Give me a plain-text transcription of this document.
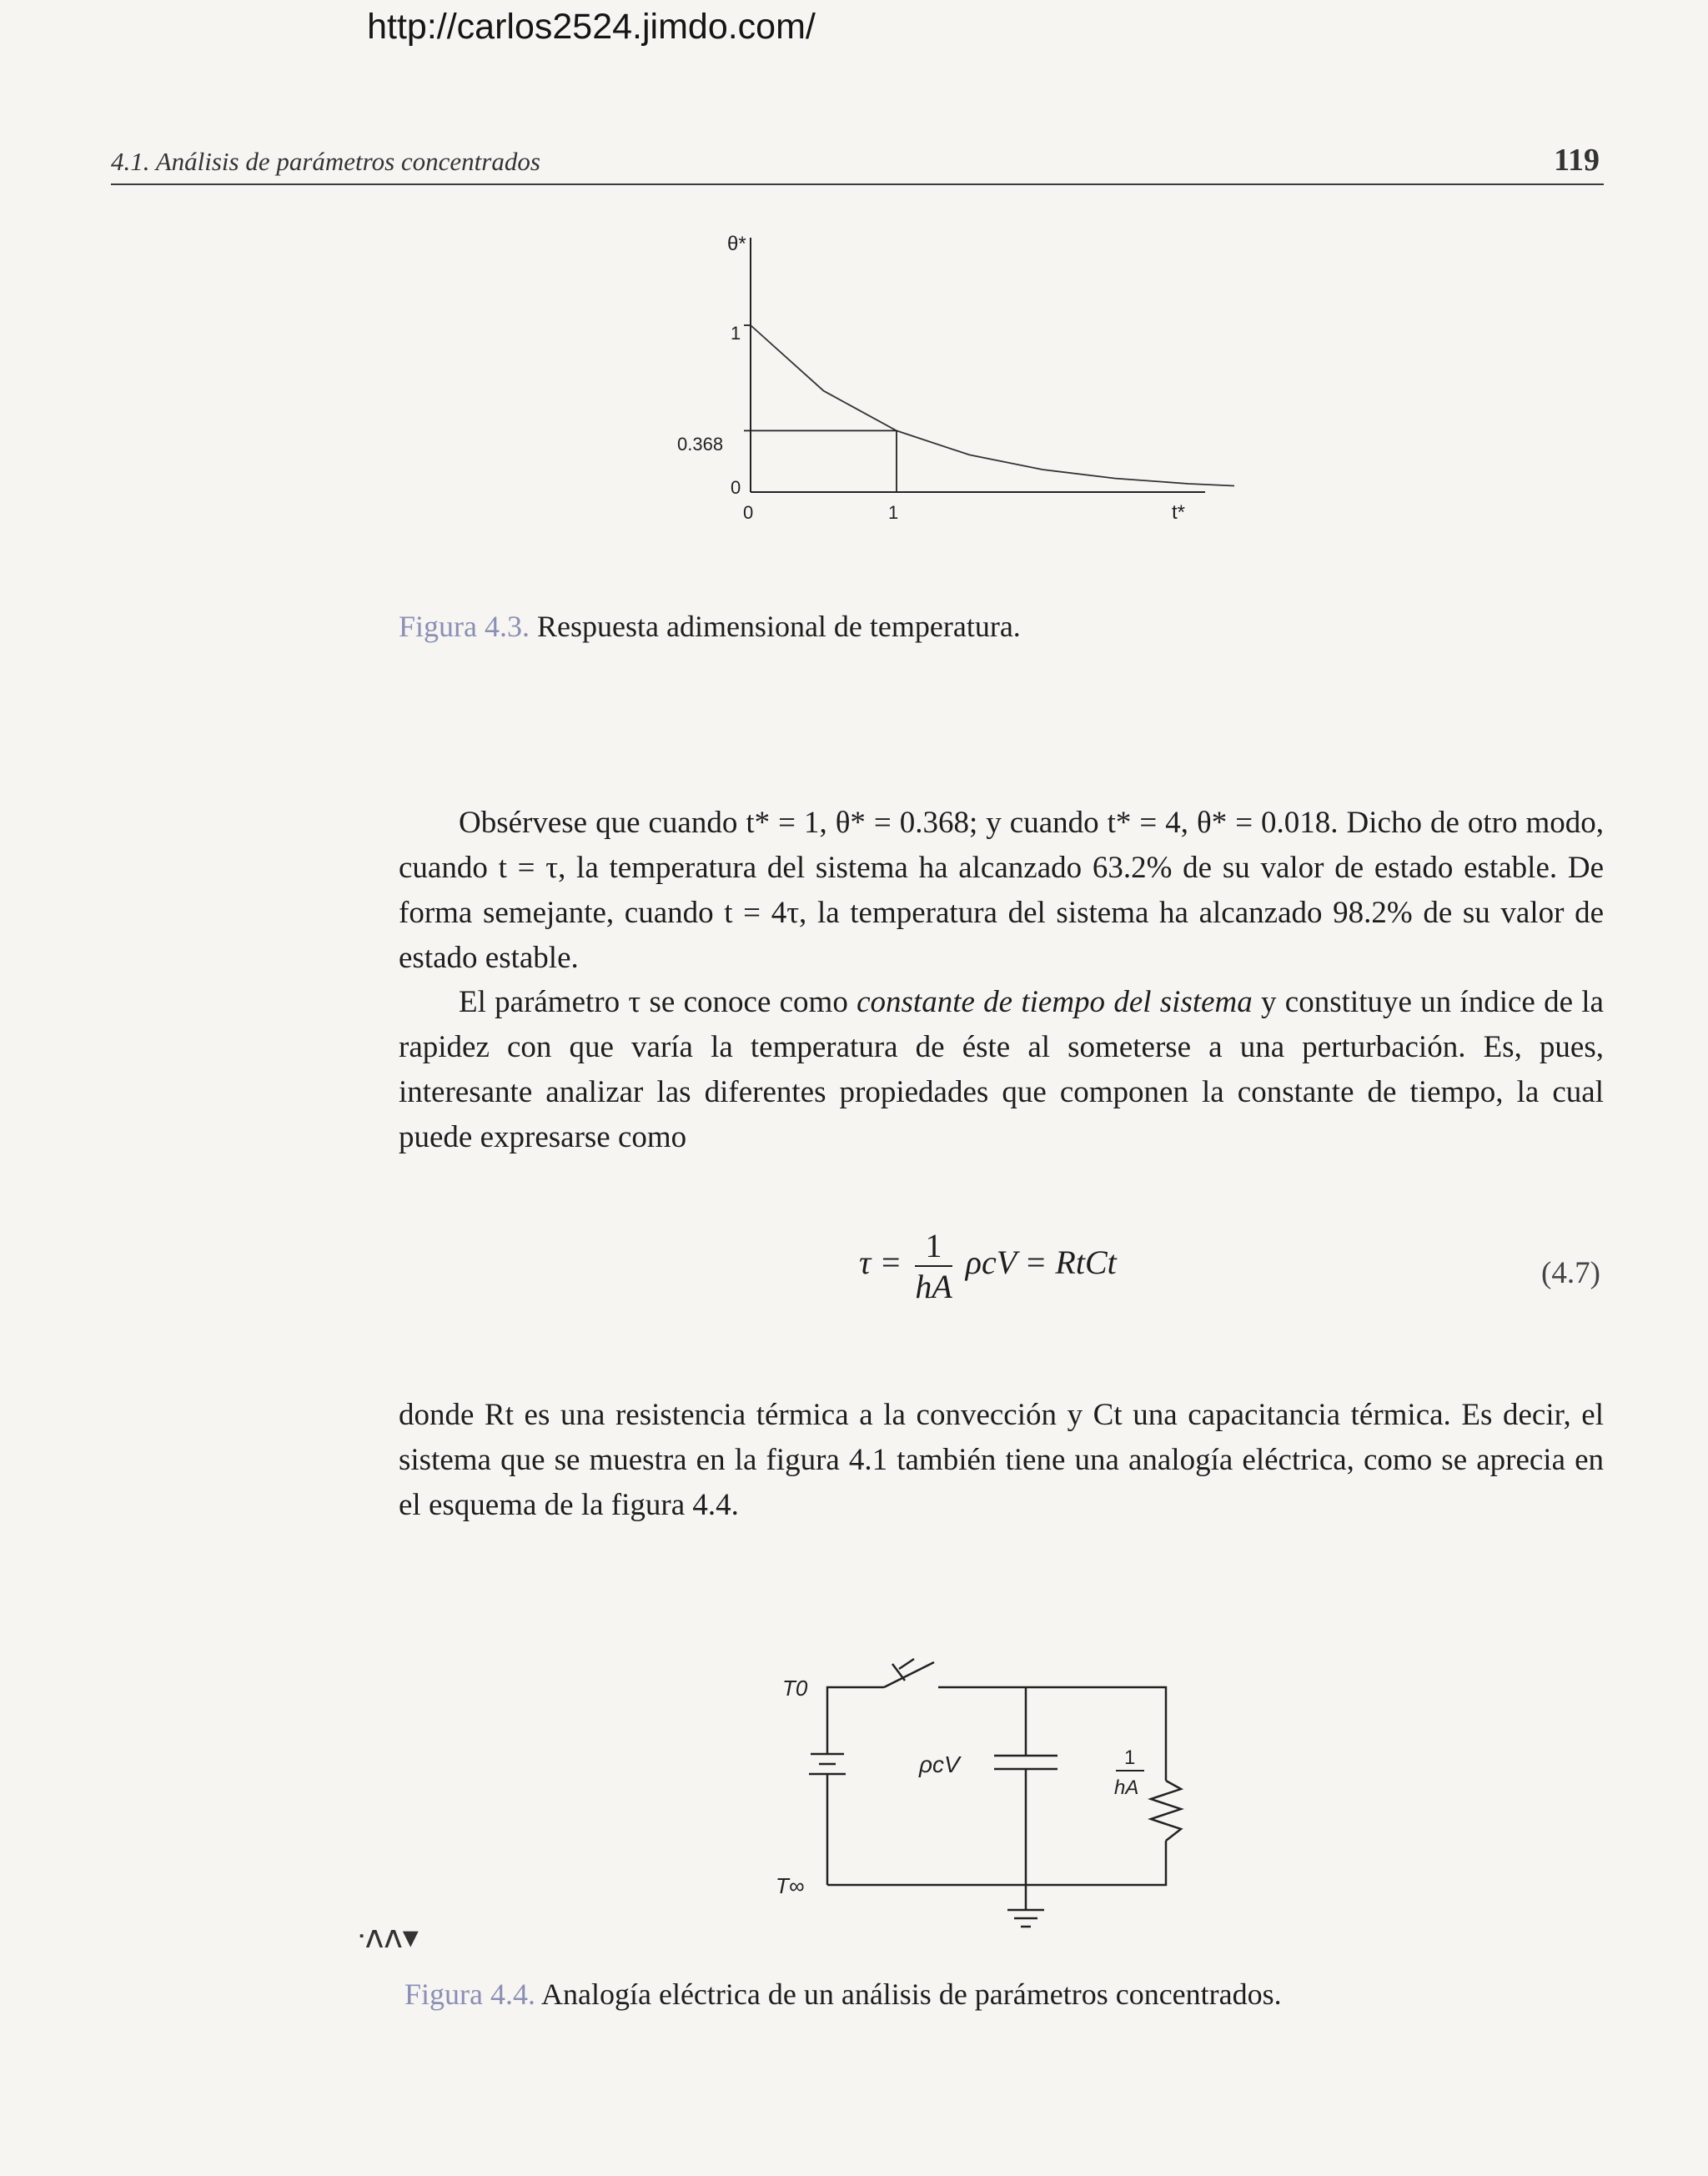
http://carlos2524.jimdo.com/
4.1. Análisis de parámetros concentrados	119
θ*
t*
1
0.368
0
0	1
Figura 4.3. Respuesta adimensional de temperatura.

Obsérvese que cuando t* = 1, θ* = 0.368; y cuando t* = 4, θ* = 0.018. Dicho de otro modo, cuando t = τ, la temperatura del sistema ha alcanzado 63.2% de su valor de estado estable. De forma semejante, cuando t = 4τ, la temperatura del sistema ha alcanzado 98.2% de su valor de estado estable.

El parámetro τ se conoce como constante de tiempo del sistema y constituye un índice de la rapidez con que varía la temperatura de éste al someterse a una perturbación. Es, pues, interesante analizar las diferentes propiedades que componen la constante de tiempo, la cual puede expresarse como

$\tau = \frac{1}{hA}$ ρcV = RtCt	(4.7)

donde Rt es una resistencia térmica a la convección y Ct una capacitancia térmica. Es decir, el sistema que se muestra en la figura 4.1 también tiene una analogía eléctrica, como se aprecia en el esquema de la figura 4.4.

T0
T∞
ρcV	1
hA
ᐧʌʌ▾
Figura 4.4. Analogía eléctrica de un análisis de parámetros concentrados.
